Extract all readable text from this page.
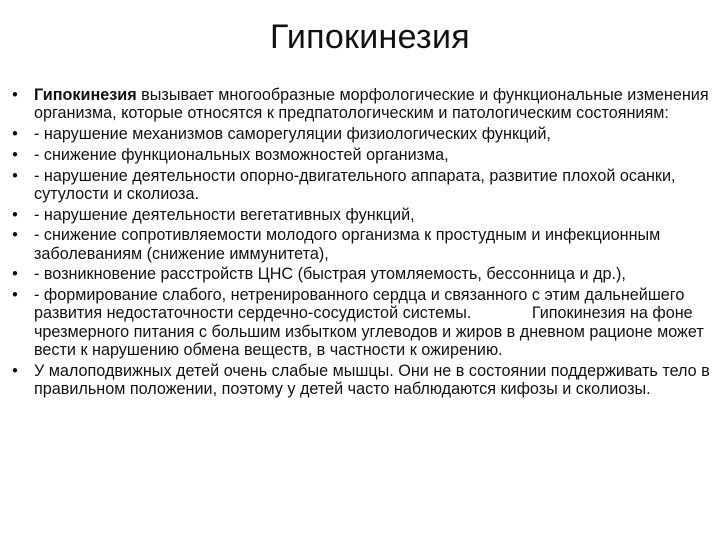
Гипокинезия
• Гипокинезия вызывает многообразные морфологические и функциональные изменения организма, которые относятся к предпатологическим и патологическим состояниям:
• - нарушение механизмов саморегуляции физиологических функций,
• - снижение функциональных возможностей организма,
• - нарушение деятельности опорно-двигательного аппарата, развитие плохой осанки, сутулости и сколиоза.
• - нарушение деятельности вегетативных функций,
• - снижение сопротивляемости молодого организма к простудным и инфекционным заболеваниям (снижение иммунитета),
• - возникновение расстройств ЦНС (быстрая утомляемость, бессонница и др.),
• - формирование слабого, нетренированного сердца и связанного с этим дальнейшего развития недостаточности сердечно-сосудистой системы.	Гипокинезия на фоне чрезмерного питания с большим избытком углеводов и жиров в дневном рационе может вести к нарушению обмена веществ, в частности к ожирению.
• У малоподвижных детей очень слабые мышцы. Они не в состоянии поддерживать тело в правильном положении, поэтому у детей часто наблюдаются кифозы и сколиозы.
